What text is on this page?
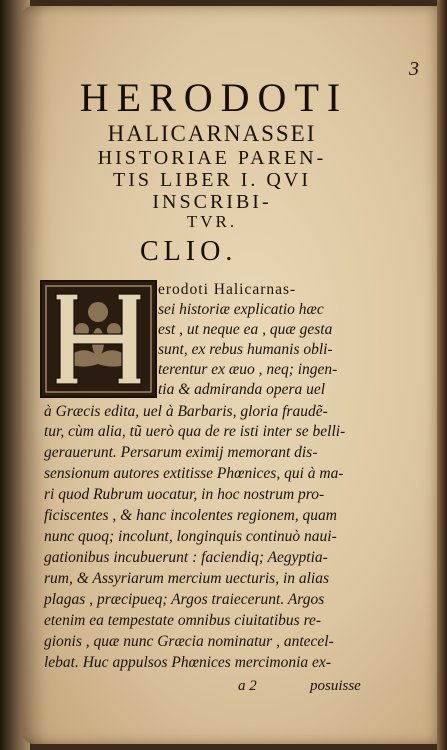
3
HERODOTI
HALICARNASSEI
HISTORIAE PAREN-
TIS LIBER I. QVI
INSCRIBI-
TVR.
CLIO.
erodoti Halicarnas-
sei historiæ explicatio hæc
est , ut neque ea , quæ gesta
sunt, ex rebus humanis obli-
terentur ex æuo , neq; ingen-
tia & admiranda opera uel
à Græcis edita, uel à Barbaris, gloria fraudẽ-
tur, cùm alia, tũ uerò qua de re isti inter se belli-
gerauerunt. Persarum eximij memorant dis-
sensionum autores extitisse Phœnices, qui à ma-
ri quod Rubrum uocatur, in hoc nostrum pro-
ficiscentes , & hanc incolentes regionem, quam
nunc quoq; incolunt, longinquis continuò naui-
gationibus incubuerunt : faciendiq; Aegyptia-
rum, & Assyriarum mercium uecturis, in alias
plagas , præcipueq; Argos traiecerunt. Argos
etenim ea tempestate omnibus ciuitatibus re-
gionis , quæ nunc Græcia nominatur , antecel-
lebat. Huc appulsos Phœnices mercimonia ex-
a 2	posuisse
